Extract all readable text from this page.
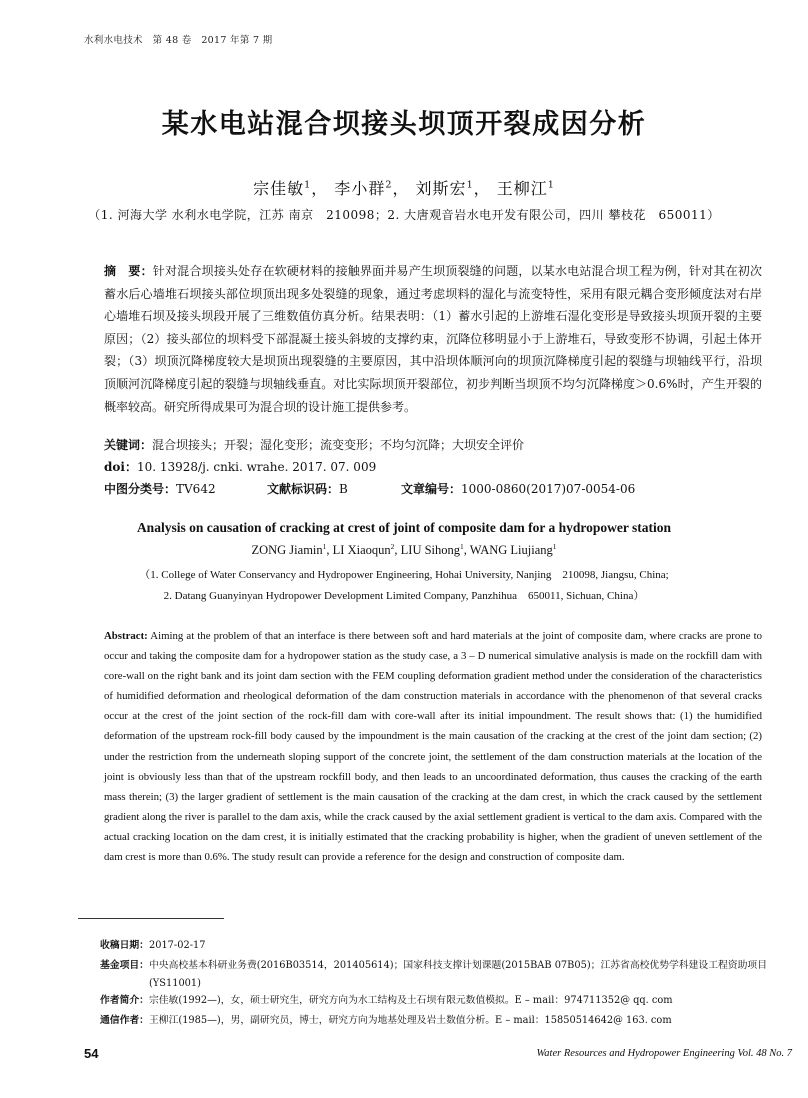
水利水电技术　第 48 卷　2017 年第 7 期
某水电站混合坝接头坝顶开裂成因分析
宗佳敏$^1$， 李小群$^2$， 刘斯宏$^1$， 王柳江$^1$
（1. 河海大学 水利水电学院，江苏 南京　210098；2. 大唐观音岩水电开发有限公司，四川 攀枝花　650011）
摘　要：针对混合坝接头处存在软硬材料的接触界面并易产生坝顶裂缝的问题，以某水电站混合坝工程为例，针对其在初次蓄水后心墙堆石坝接头部位坝顶出现多处裂缝的现象，通过考虑坝料的湿化与流变特性，采用有限元耦合变形倾度法对右岸心墙堆石坝及接头坝段开展了三维数值仿真分析。结果表明：（1）蓄水引起的上游堆石湿化变形是导致接头坝顶开裂的主要原因；（2）接头部位的坝料受下部混凝土接头斜坡的支撑约束，沉降位移明显小于上游堆石，导致变形不协调，引起土体开裂；（3）坝顶沉降梯度较大是坝顶出现裂缝的主要原因，其中沿坝体顺河向的坝顶沉降梯度引起的裂缝与坝轴线平行，沿坝顶顺河沉降梯度引起的裂缝与坝轴线垂直。对比实际坝顶开裂部位，初步判断当坝顶不均匀沉降梯度＞0.6%时，产生开裂的概率较高。研究所得成果可为混合坝的设计施工提供参考。
关键词：混合坝接头；开裂；湿化变形；流变变形；不均匀沉降；大坝安全评价
doi：10. 13928/j. cnki. wrahe. 2017. 07. 009
中图分类号：TV642	文献标识码：B	文章编号：1000-0860(2017)07-0054-06
Analysis on causation of cracking at crest of joint of composite dam for a hydropower station
ZONG Jiamin$^1$, LI Xiaoqun$^2$, LIU Sihong$^1$, WANG Liujiang$^1$
（1. College of Water Conservancy and Hydropower Engineering, Hohai University, Nanjing　210098, Jiangsu, China;
2. Datang Guanyinyan Hydropower Development Limited Company, Panzhihua　650011, Sichuan, China）
Abstract: Aiming at the problem of that an interface is there between soft and hard materials at the joint of composite dam, where cracks are prone to occur and taking the composite dam for a hydropower station as the study case, a 3 – D numerical simulative analysis is made on the rockfill dam with core-wall on the right bank and its joint dam section with the FEM coupling deformation gradient method under the consideration of the characteristics of humidified deformation and rheological deformation of the dam construction materials in accordance with the phenomenon of that several cracks occur at the crest of the joint section of the rock-fill dam with core-wall after its initial impoundment. The result shows that: (1) the humidified deformation of the upstream rock-fill body caused by the impoundment is the main causation of the cracking at the crest of the joint dam section; (2) under the restriction from the underneath sloping support of the concrete joint, the settlement of the dam construction materials at the location of the joint is obviously less than that of the upstream rockfill body, and then leads to an uncoordinated deformation, thus causes the cracking of the earth mass therein; (3) the larger gradient of settlement is the main causation of the cracking at the dam crest, in which the crack caused by the settlement gradient along the river is parallel to the dam axis, while the crack caused by the axial settlement gradient is vertical to the dam axis. Compared with the actual cracking location on the dam crest, it is initially estimated that the cracking probability is higher, when the gradient of uneven settlement of the dam crest is more than 0.6%. The study result can provide a reference for the design and construction of composite dam.
收稿日期： 2017-02-17
基金项目： 中央高校基本科研业务费(2016B03514，201405614)；国家科技支撑计划课题(2015BAB 07B05)；江苏省高校优势学科建设工程资助项目(YS11001)
作者简介： 宗佳敏(1992—)，女，硕士研究生，研究方向为水工结构及土石坝有限元数值模拟。E – mail：974711352@ qq. com
通信作者： 王柳江(1985—)，男，副研究员，博士，研究方向为地基处理及岩土数值分析。E – mail：15850514642@ 163. com
54	Water Resources and Hydropower Engineering Vol. 48 No. 7
